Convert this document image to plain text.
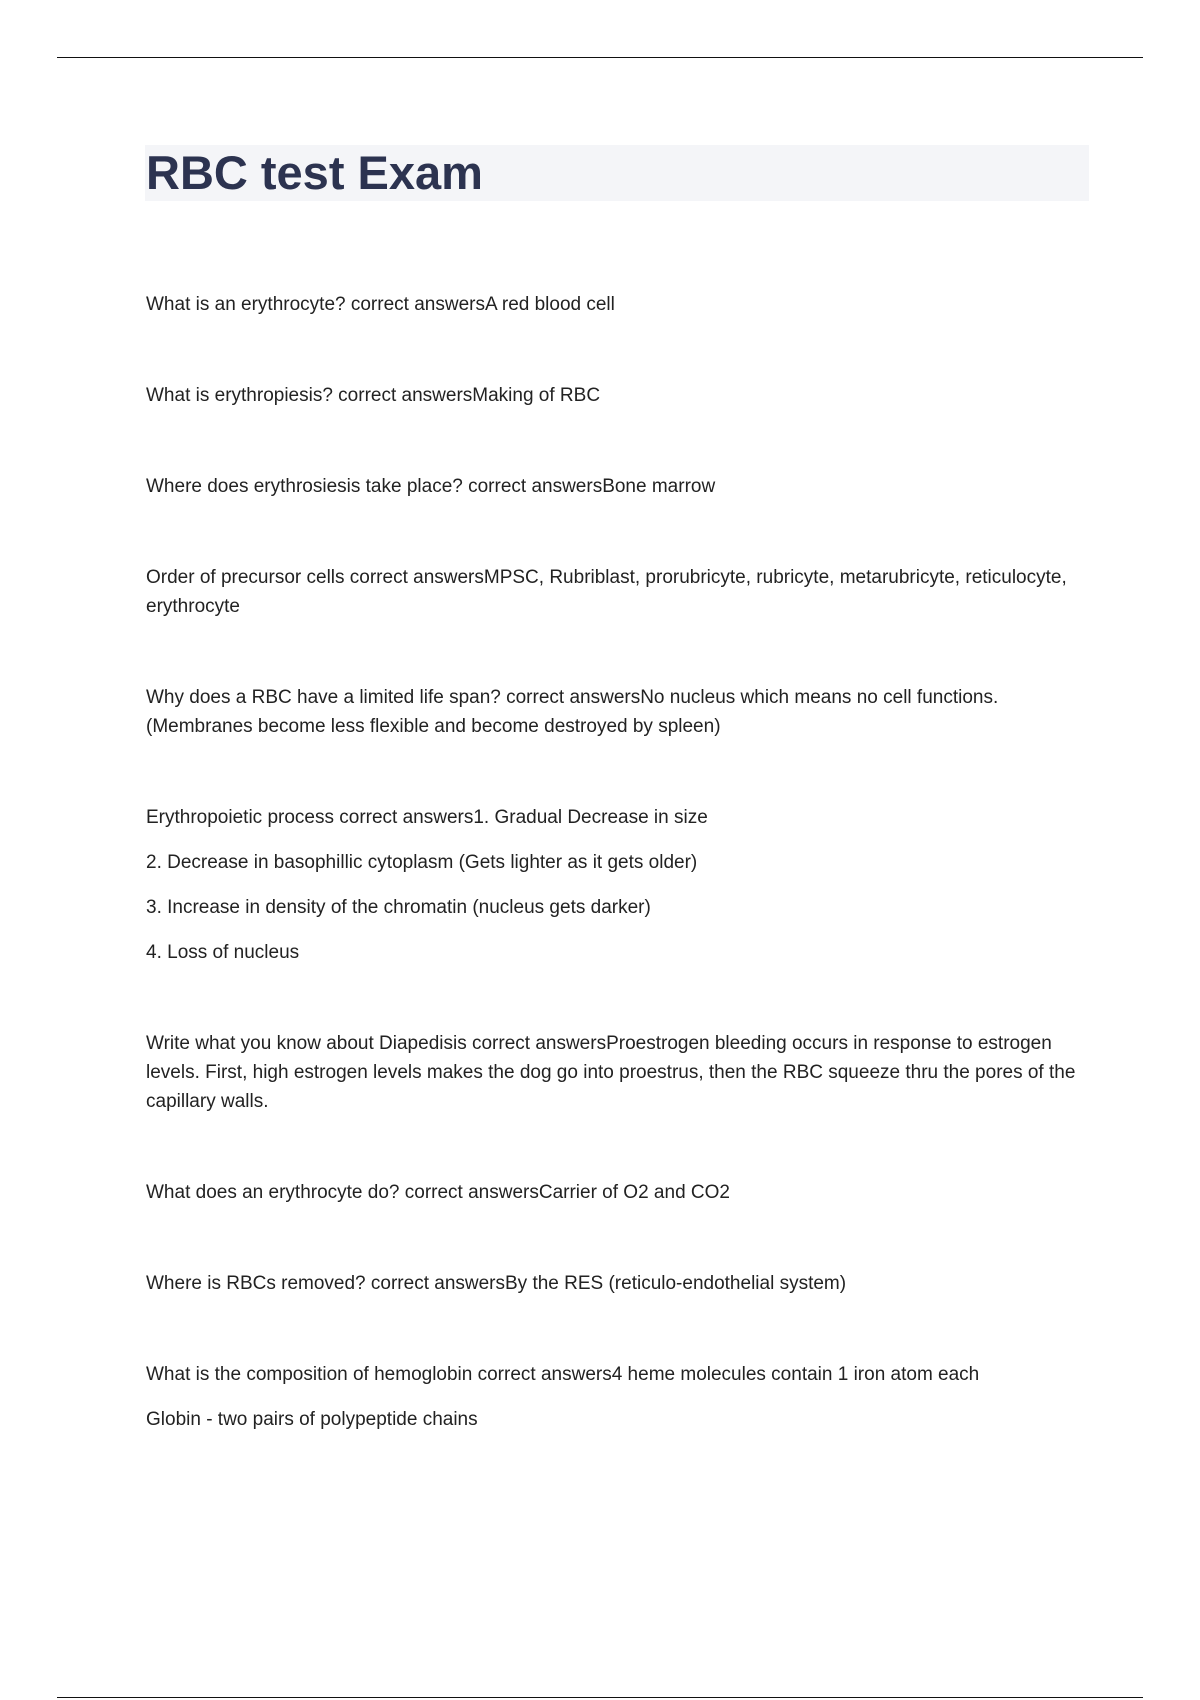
RBC test Exam

What is an erythrocyte? correct answersA red blood cell

What is erythropiesis? correct answersMaking of RBC

Where does erythrosiesis take place? correct answersBone marrow

Order of precursor cells correct answersMPSC, Rubriblast, prorubricyte, rubricyte, metarubricyte, reticulocyte, erythrocyte

Why does a RBC have a limited life span? correct answersNo nucleus which means no cell functions. (Membranes become less flexible and become destroyed by spleen)

Erythropoietic process correct answers1. Gradual Decrease in size

2. Decrease in basophillic cytoplasm (Gets lighter as it gets older)

3. Increase in density of the chromatin (nucleus gets darker)

4. Loss of nucleus

Write what you know about Diapedisis correct answersProestrogen bleeding occurs in response to estrogen levels. First, high estrogen levels makes the dog go into proestrus, then the RBC squeeze thru the pores of the capillary walls.

What does an erythrocyte do? correct answersCarrier of O2 and CO2

Where is RBCs removed? correct answersBy the RES (reticulo-endothelial system)

What is the composition of hemoglobin correct answers4 heme molecules contain 1 iron atom each

Globin - two pairs of polypeptide chains
